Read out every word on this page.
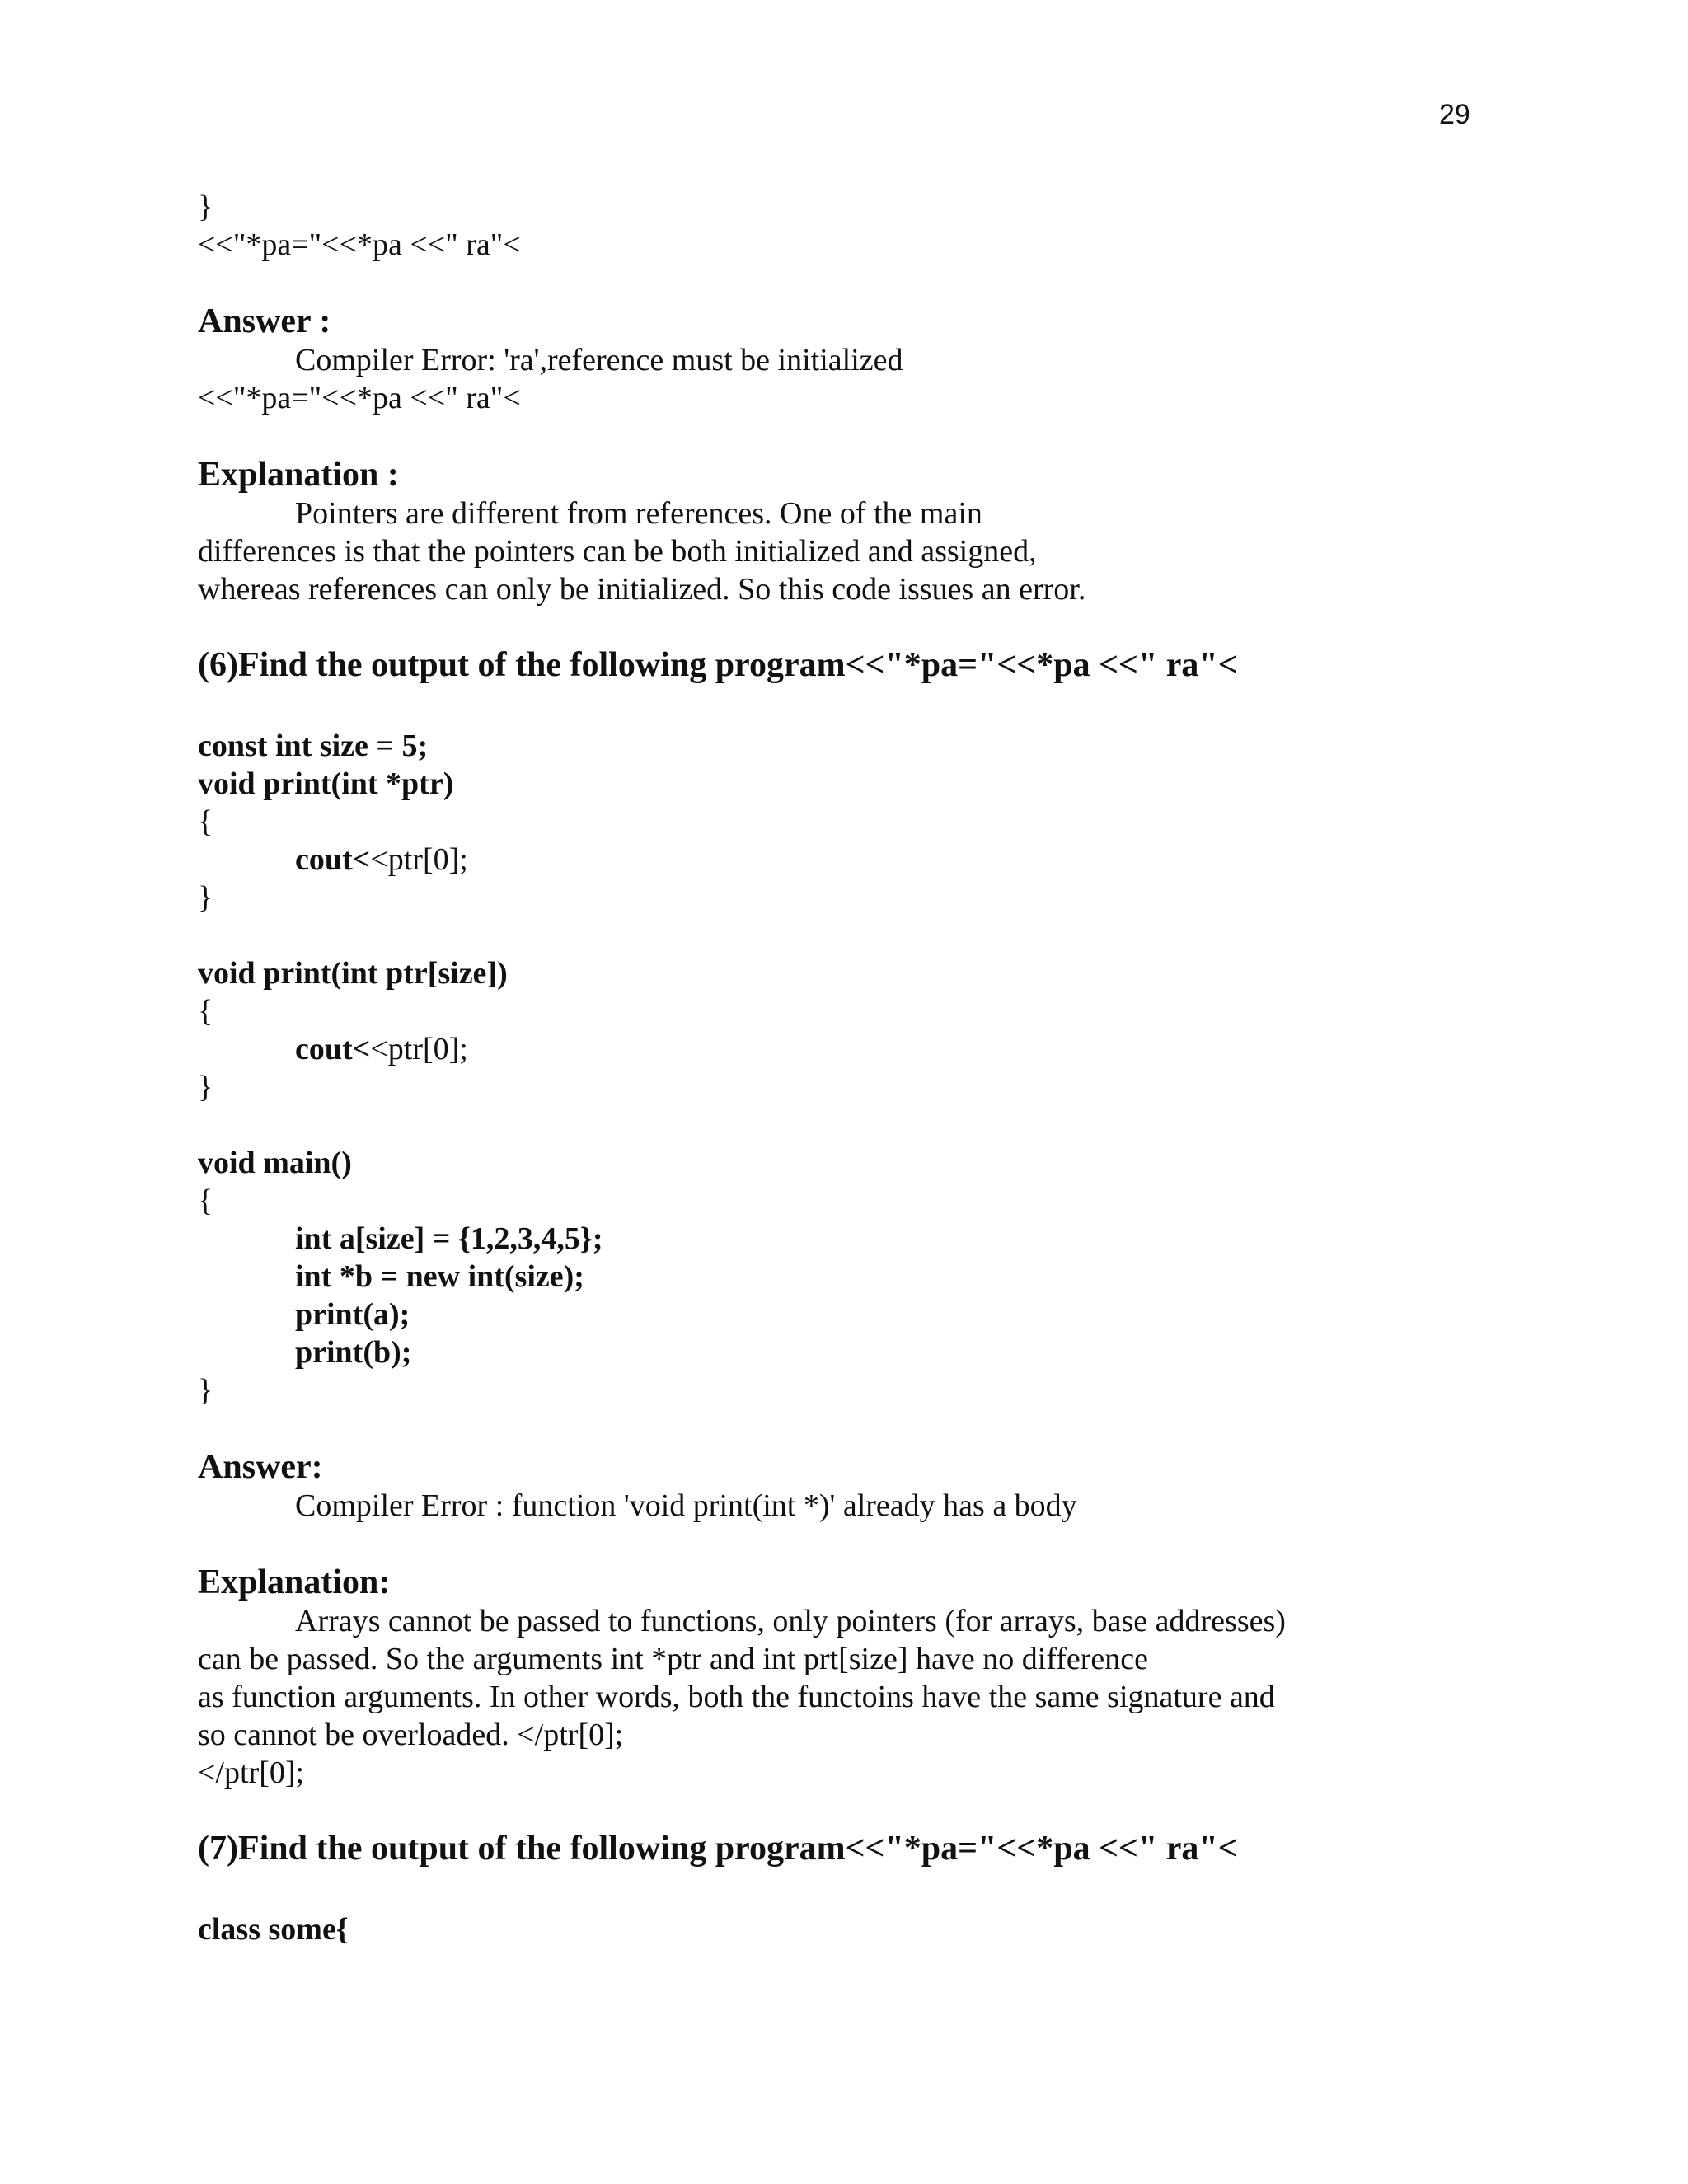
29

}

<<"*pa="<<*pa <<" ra"<

Answer :

Compiler Error: 'ra',reference must be initialized

<<"*pa="<<*pa <<" ra"<

Explanation :

Pointers are different from references. One of the main

differences is that the pointers can be both initialized and assigned,

whereas references can only be initialized. So this code issues an error.

(6)Find the output of the following program<<"*pa="<<*pa <<" ra"<

const int size = 5;

void print(int *ptr)

{

cout<<ptr[0];

}

void print(int ptr[size])

{

cout<<ptr[0];

}

void main()

{

int a[size] = {1,2,3,4,5};

int *b = new int(size);

print(a);

print(b);

}

Answer:

Compiler Error : function 'void print(int *)' already has a body

Explanation:

Arrays cannot be passed to functions, only pointers (for arrays, base addresses)

can be passed. So the arguments int *ptr and int prt[size] have no difference

as function arguments. In other words, both the functoins have the same signature and

so cannot be overloaded. </ptr[0];

</ptr[0];

(7)Find the output of the following program<<"*pa="<<*pa <<" ra"<

class some{
